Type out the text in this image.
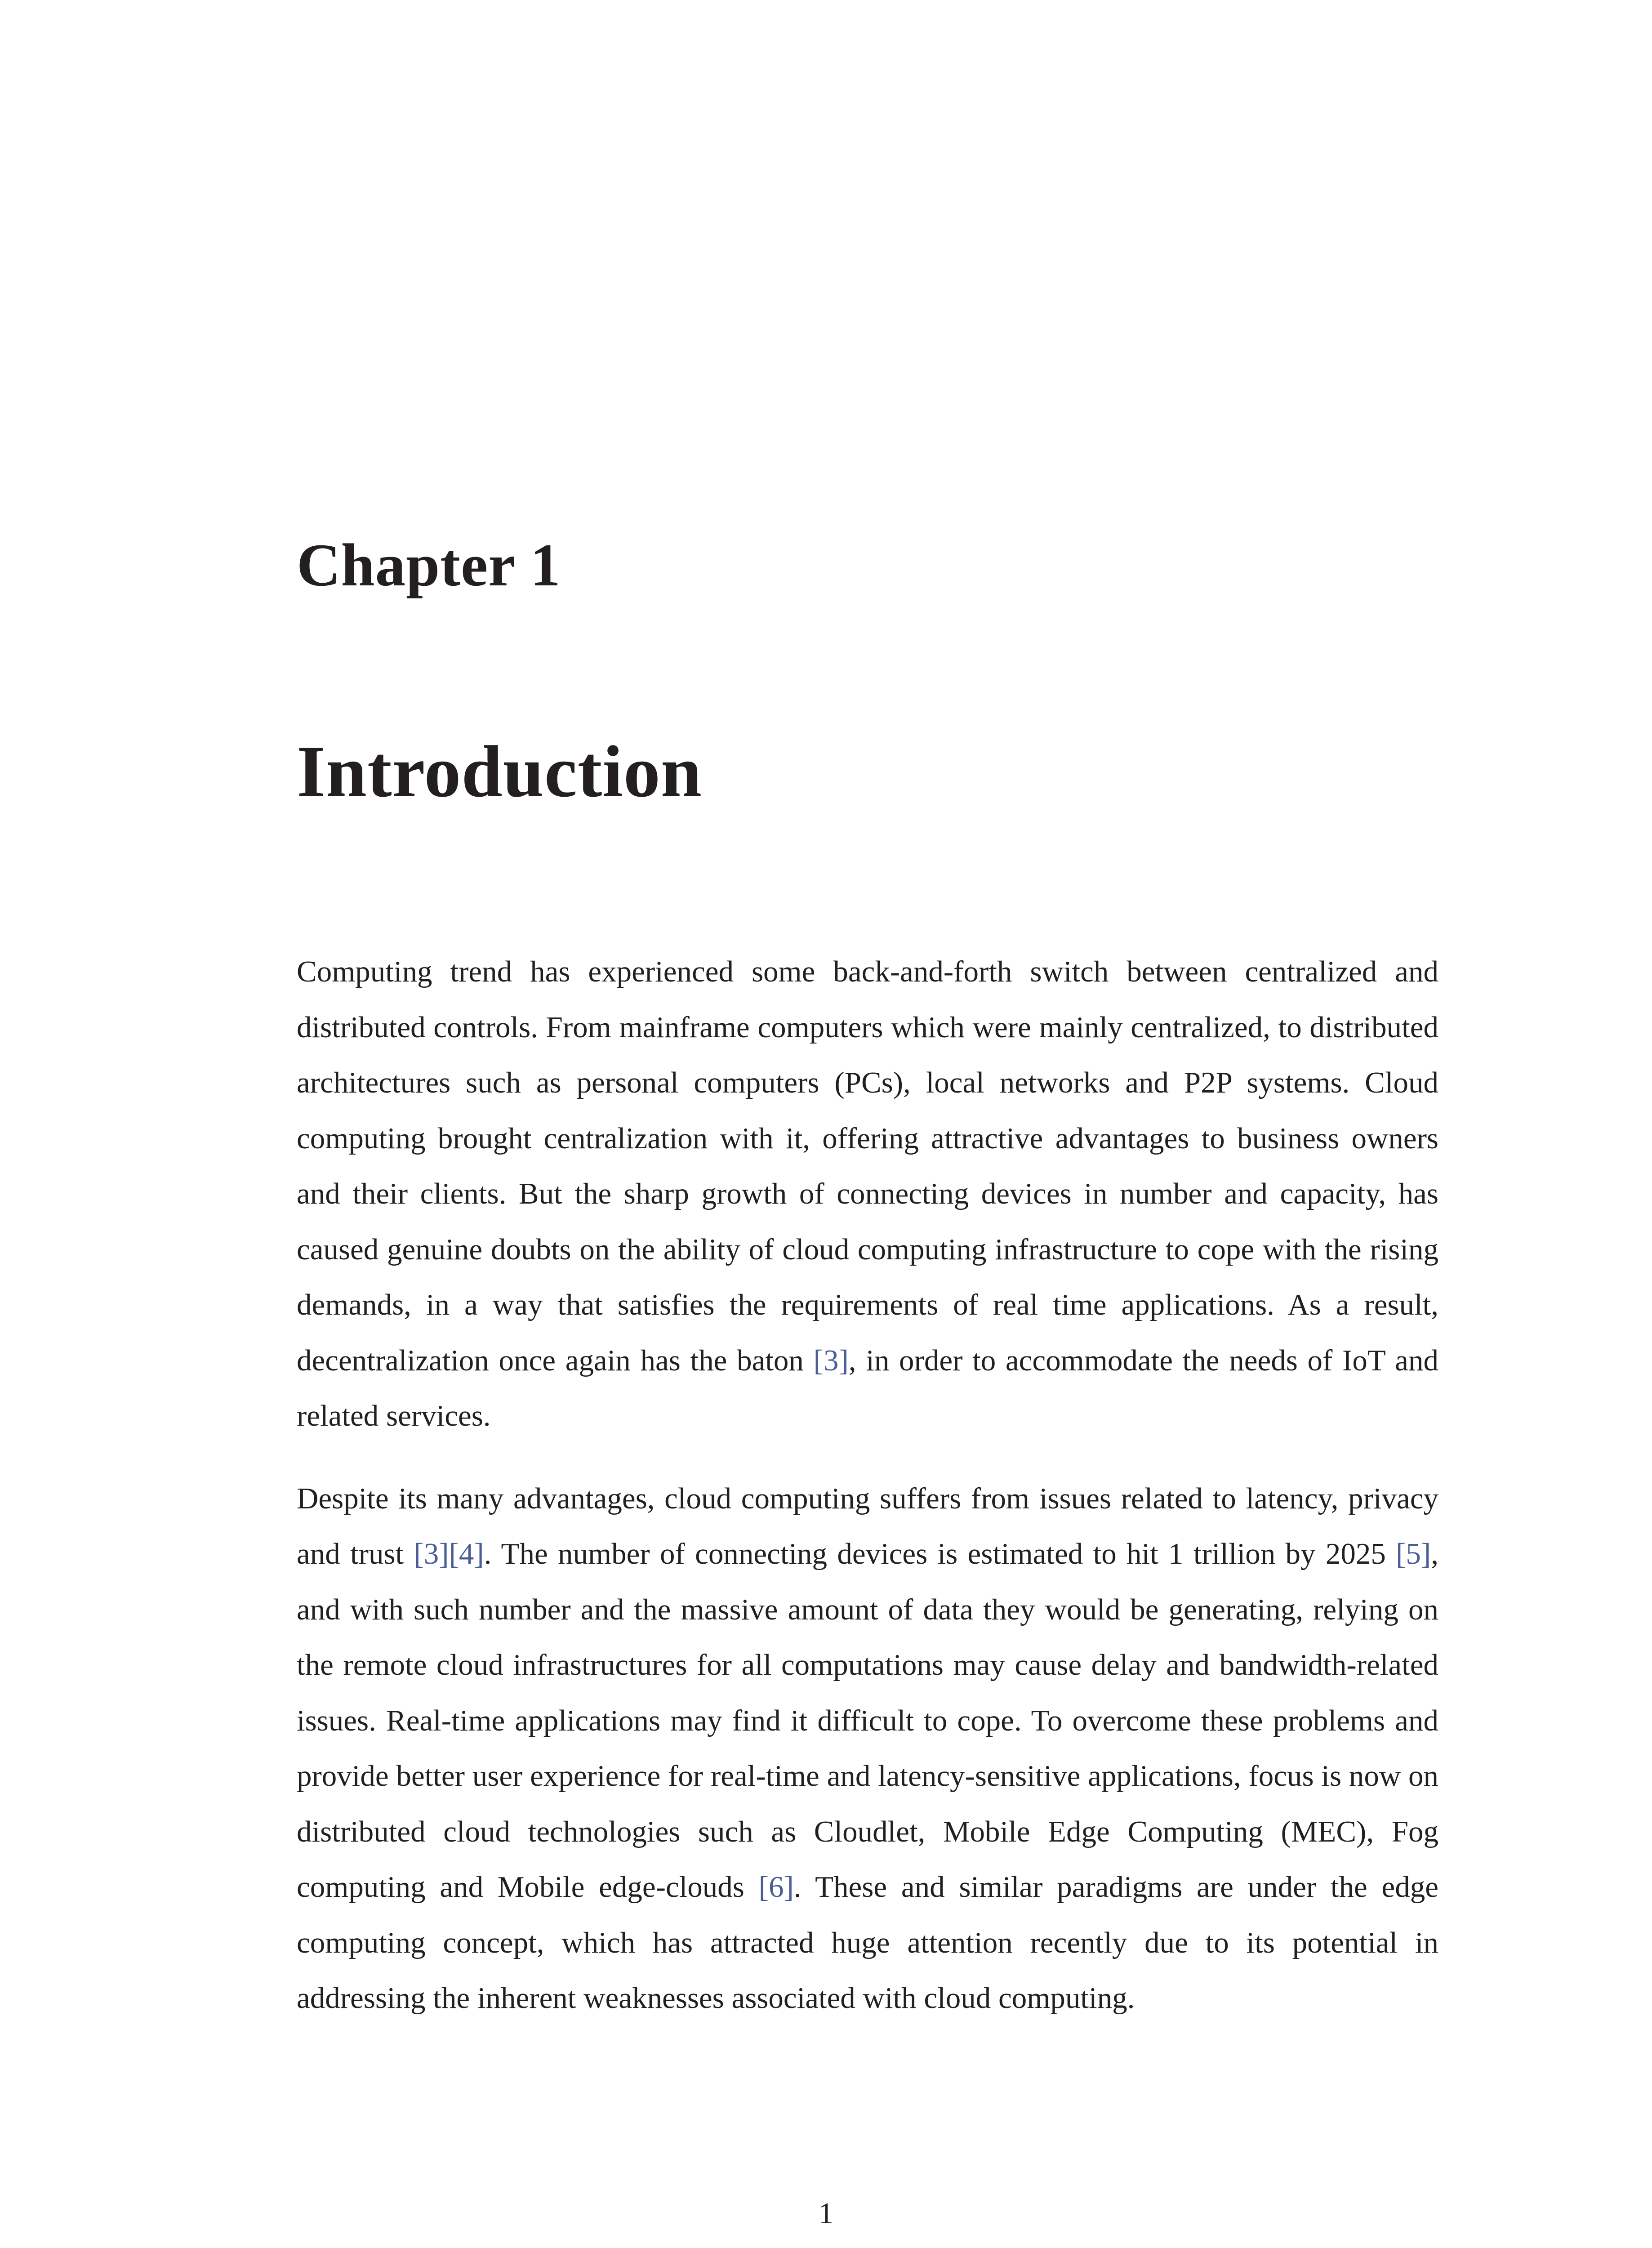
Chapter 1
Introduction

Computing trend has experienced some back-and-forth switch between centralized and distributed controls. From mainframe computers which were mainly centralized, to distributed architectures such as personal computers (PCs), local networks and P2P systems. Cloud computing brought centralization with it, offering attractive advantages to business owners and their clients. But the sharp growth of connecting devices in number and capacity, has caused genuine doubts on the ability of cloud computing infrastructure to cope with the rising demands, in a way that satisfies the requirements of real time applications. As a result, decentralization once again has the baton [3], in order to accommodate the needs of IoT and related services.

Despite its many advantages, cloud computing suffers from issues related to latency, privacy and trust [3][4]. The number of connecting devices is estimated to hit 1 trillion by 2025 [5], and with such number and the massive amount of data they would be generating, relying on the remote cloud infrastructures for all computations may cause delay and bandwidth-related issues. Real-time applications may find it difficult to cope. To overcome these problems and provide better user experience for real-time and latency-sensitive applications, focus is now on distributed cloud technologies such as Cloudlet, Mobile Edge Computing (MEC), Fog computing and Mobile edge-clouds [6]. These and similar paradigms are under the edge computing concept, which has attracted huge attention recently due to its potential in addressing the inherent weaknesses associated with cloud computing.

1
